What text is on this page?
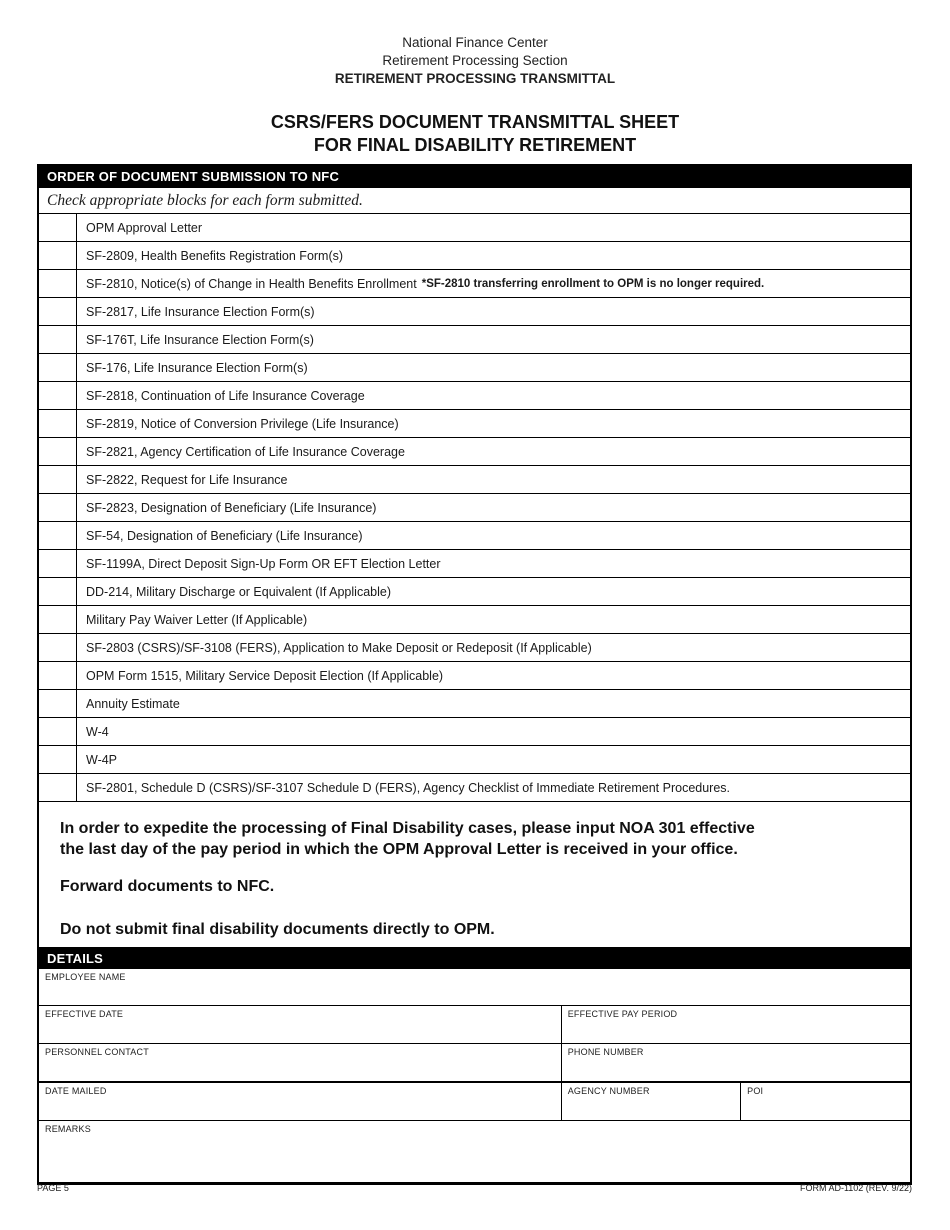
National Finance Center
Retirement Processing Section
RETIREMENT PROCESSING TRANSMITTAL
CSRS/FERS DOCUMENT TRANSMITTAL SHEET
FOR FINAL DISABILITY RETIREMENT
ORDER OF DOCUMENT SUBMISSION TO NFC
Check appropriate blocks for each form submitted.
OPM Approval Letter
SF-2809, Health Benefits Registration Form(s)
SF-2810, Notice(s) of Change in Health Benefits Enrollment *SF-2810 transferring enrollment to OPM is no longer required.
SF-2817, Life Insurance Election Form(s)
SF-176T, Life Insurance Election Form(s)
SF-176, Life Insurance Election Form(s)
SF-2818, Continuation of Life Insurance Coverage
SF-2819, Notice of Conversion Privilege (Life Insurance)
SF-2821, Agency Certification of Life Insurance Coverage
SF-2822, Request for Life Insurance
SF-2823, Designation of Beneficiary (Life Insurance)
SF-54, Designation of Beneficiary (Life Insurance)
SF-1199A, Direct Deposit Sign-Up Form OR EFT Election Letter
DD-214, Military Discharge or Equivalent (If Applicable)
Military Pay Waiver Letter (If Applicable)
SF-2803 (CSRS)/SF-3108 (FERS), Application to Make Deposit or Redeposit (If Applicable)
OPM Form 1515, Military Service Deposit Election (If Applicable)
Annuity Estimate
W-4
W-4P
SF-2801, Schedule D (CSRS)/SF-3107 Schedule D (FERS), Agency Checklist of Immediate Retirement Procedures.
In order to expedite the processing of Final Disability cases, please input NOA 301 effective
the last day of the pay period in which the OPM Approval Letter is received in your office.
Forward documents to NFC.
Do not submit final disability documents directly to OPM.
DETAILS
EMPLOYEE NAME
EFFECTIVE DATE	EFFECTIVE PAY PERIOD
PERSONNEL CONTACT	PHONE NUMBER
DATE MAILED	AGENCY NUMBER	POI
REMARKS
PAGE 5	FORM AD-1102 (REV. 9/22)
